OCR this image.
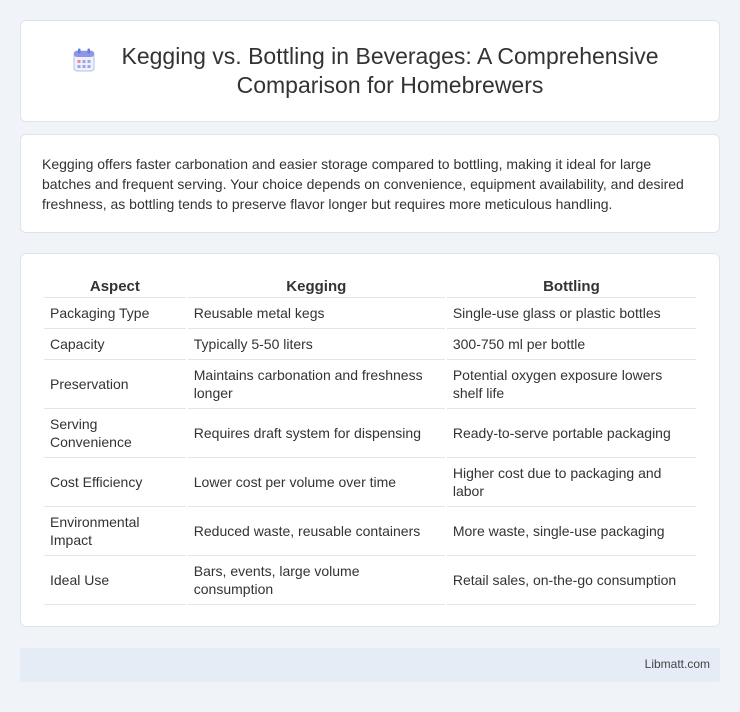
Kegging vs. Bottling in Beverages: A Comprehensive Comparison for Homebrewers

Kegging offers faster carbonation and easier storage compared to bottling, making it ideal for large batches and frequent serving. Your choice depends on convenience, equipment availability, and desired freshness, as bottling tends to preserve flavor longer but requires more meticulous handling.

Aspect	Kegging	Bottling
Packaging Type	Reusable metal kegs	Single-use glass or plastic bottles
Capacity	Typically 5-50 liters	300-750 ml per bottle
Preservation	Maintains carbonation and freshness longer	Potential oxygen exposure lowers shelf life
Serving Convenience	Requires draft system for dispensing	Ready-to-serve portable packaging
Cost Efficiency	Lower cost per volume over time	Higher cost due to packaging and labor
Environmental Impact	Reduced waste, reusable containers	More waste, single-use packaging
Ideal Use	Bars, events, large volume consumption	Retail sales, on-the-go consumption
Libmatt.com
